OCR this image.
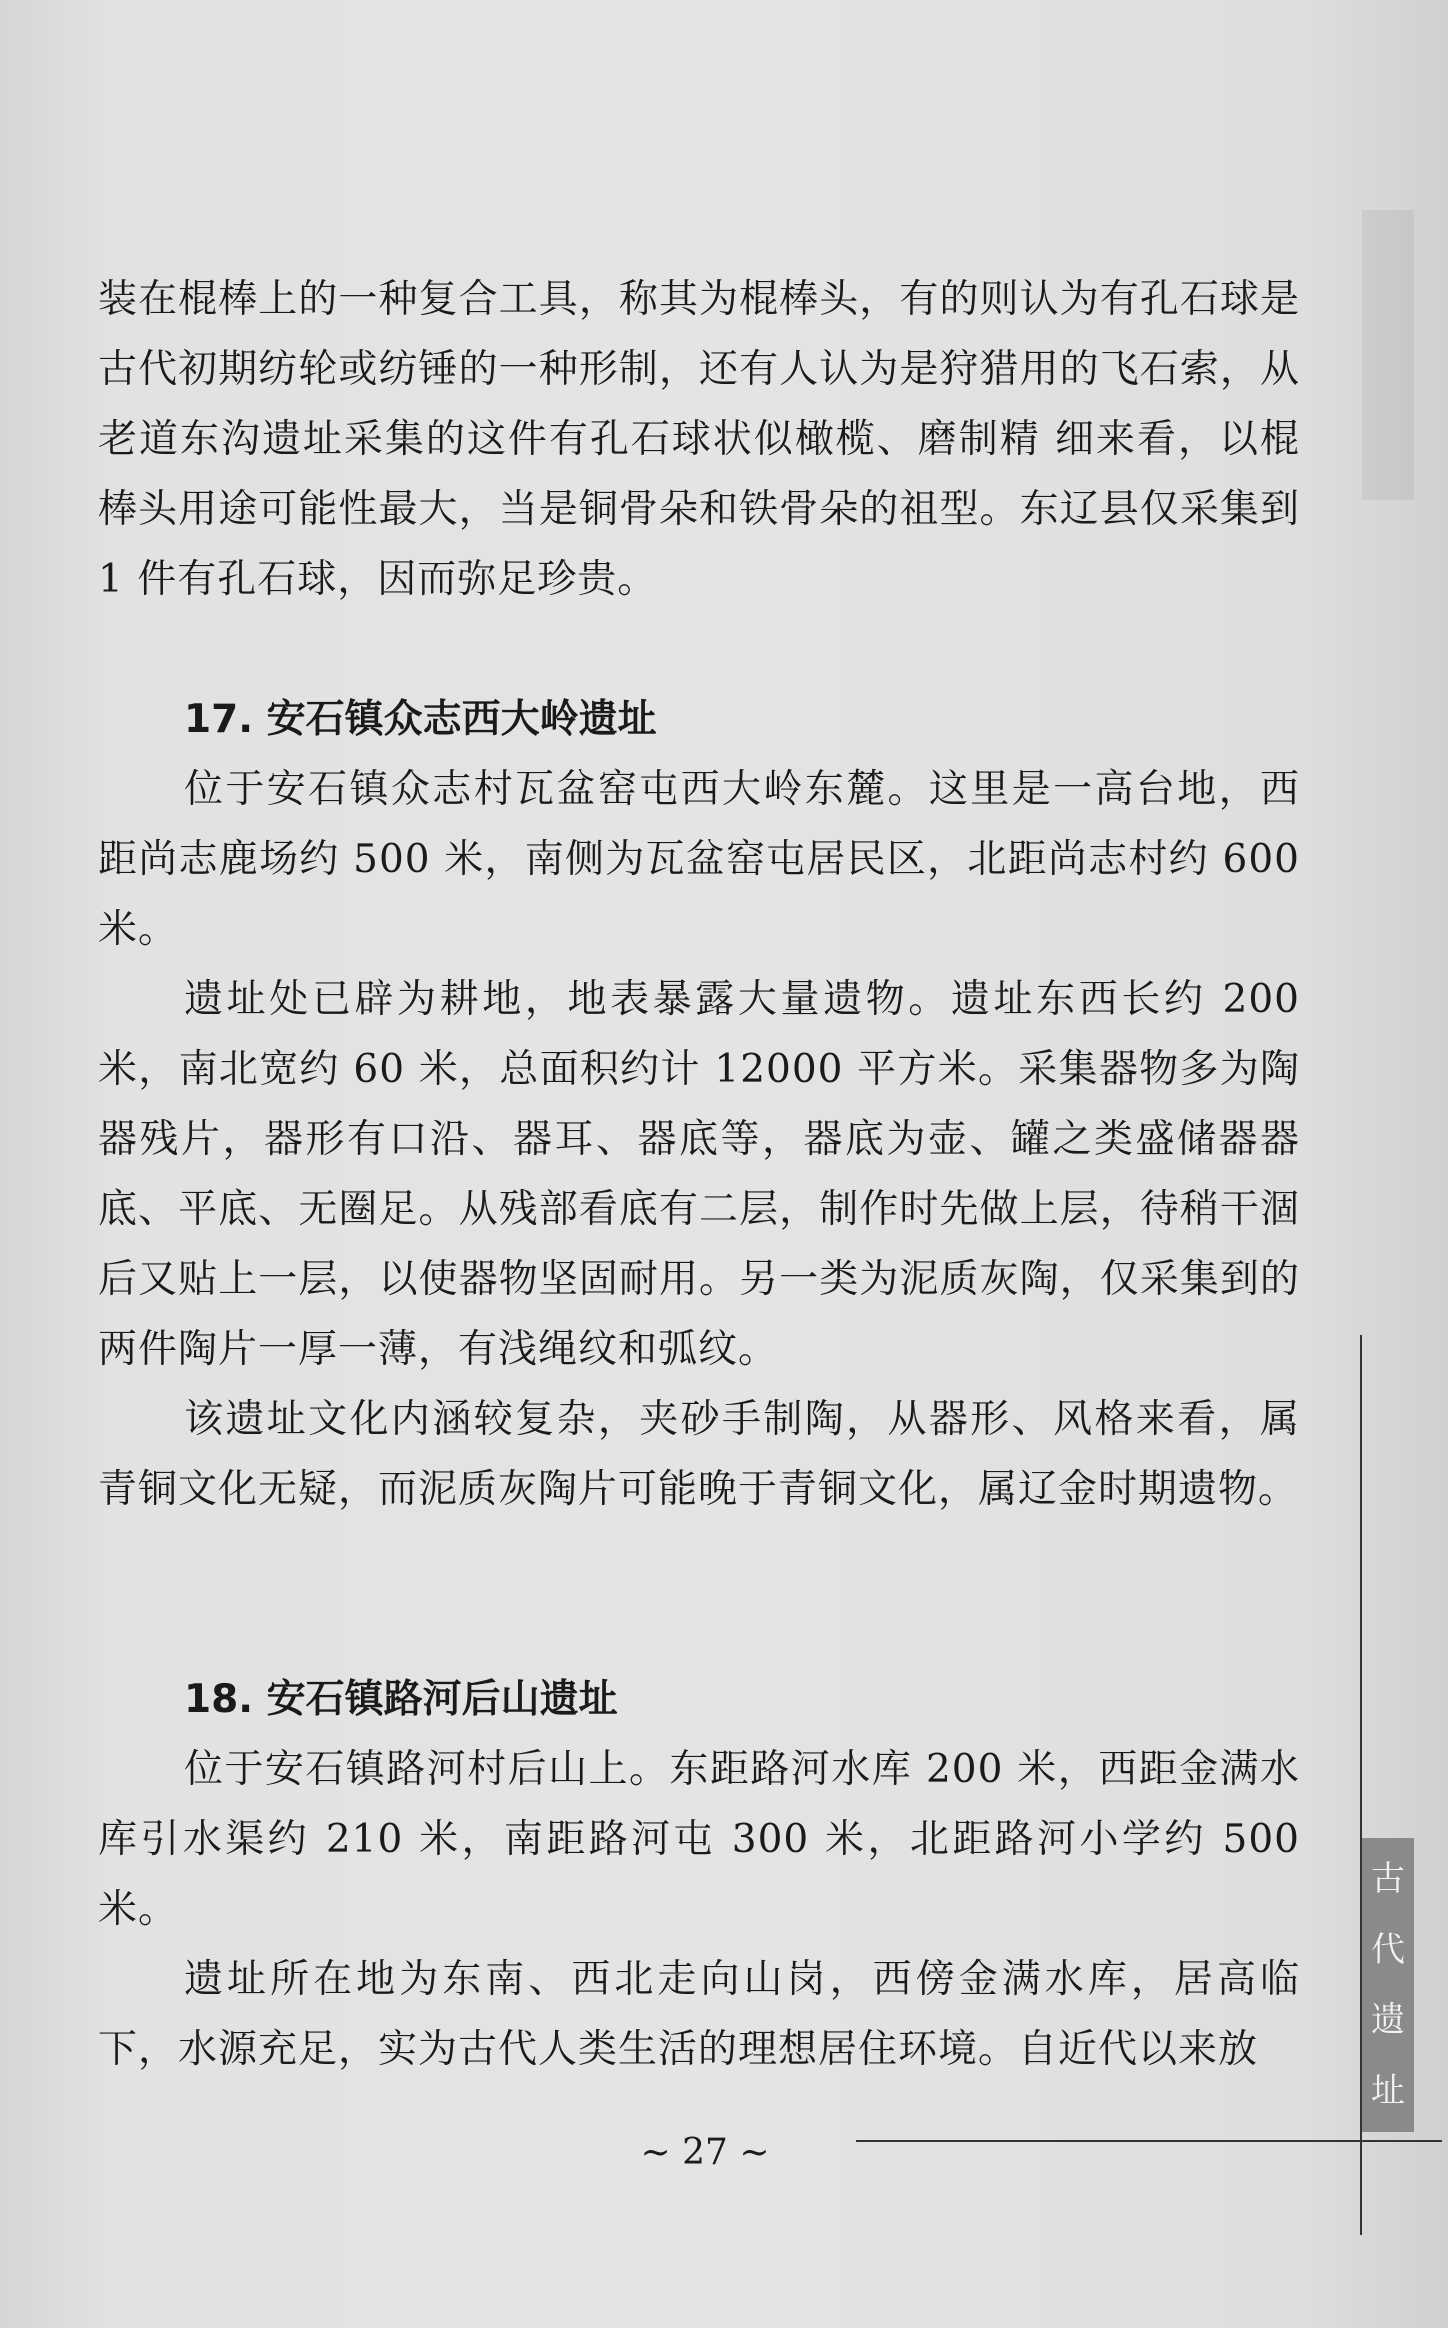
装在棍棒上的一种复合工具，称其为棍棒头，有的则认为有孔石球是古代初期纺轮或纺锤的一种形制，还有人认为是狩猎用的飞石索，从老道东沟遗址采集的这件有孔石球状似橄榄、磨制精 细来看，以棍棒头用途可能性最大，当是铜骨朵和铁骨朵的祖型。东辽县仅采集到 1 件有孔石球，因而弥足珍贵。

17. 安石镇众志西大岭遗址

位于安石镇众志村瓦盆窑屯西大岭东麓。这里是一高台地，西距尚志鹿场约 500 米，南侧为瓦盆窑屯居民区，北距尚志村约 600 米。

遗址处已辟为耕地，地表暴露大量遗物。遗址东西长约 200 米，南北宽约 60 米，总面积约计 12000 平方米。采集器物多为陶器残片，器形有口沿、器耳、器底等，器底为壶、罐之类盛储器器底、平底、无圈足。从残部看底有二层，制作时先做上层，待稍干涸后又贴上一层，以使器物坚固耐用。另一类为泥质灰陶，仅采集到的两件陶片一厚一薄，有浅绳纹和弧纹。

该遗址文化内涵较复杂，夹砂手制陶，从器形、风格来看，属青铜文化无疑，而泥质灰陶片可能晚于青铜文化，属辽金时期遗物。

18. 安石镇路河后山遗址

位于安石镇路河村后山上。东距路河水库 200 米，西距金满水库引水渠约 210 米，南距路河屯 300 米，北距路河小学约 500 米。

遗址所在地为东南、西北走向山岗，西傍金满水库，居高临下，水源充足，实为古代人类生活的理想居住环境。自近代以来放

古
代
遗
址
~ 27 ~
